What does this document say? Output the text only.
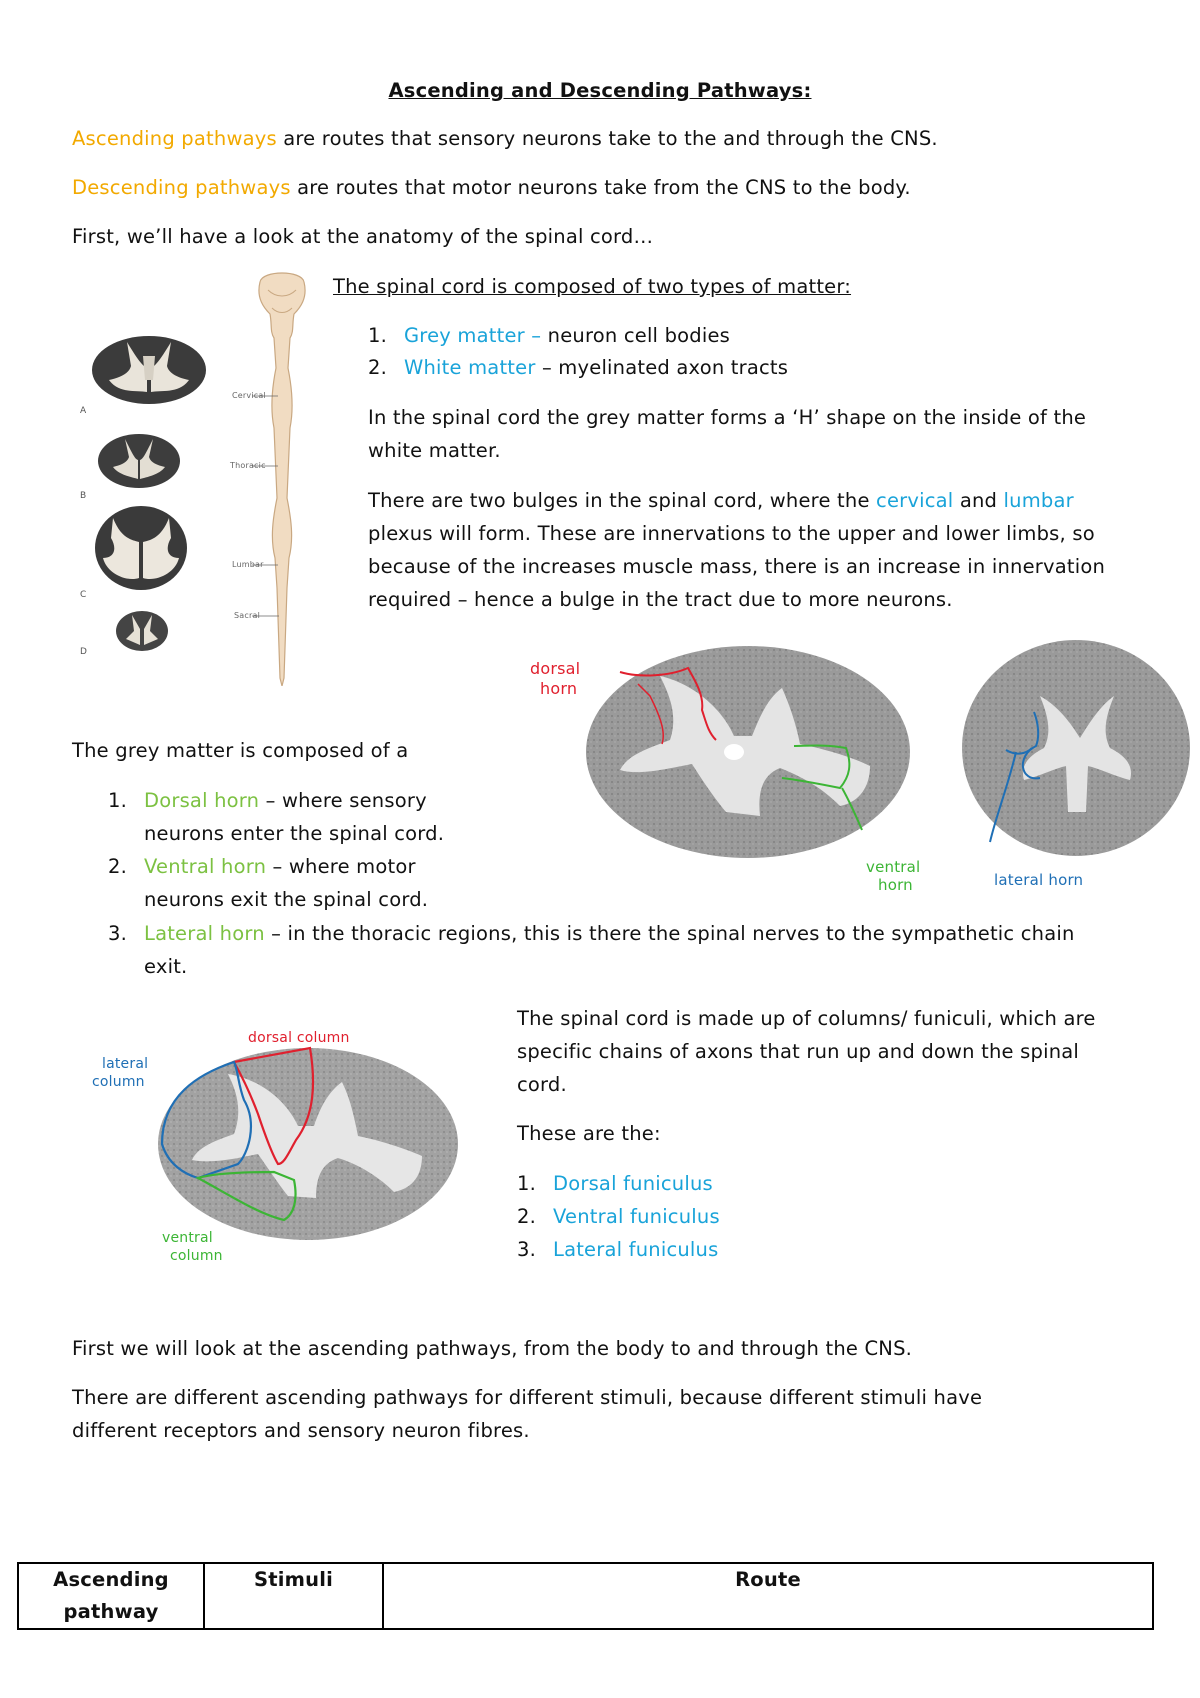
Ascending and Descending Pathways:
Ascending pathways are routes that sensory neurons take to the and through the CNS.
Descending pathways are routes that motor neurons take from the CNS to the body.
First, we’ll have a look at the anatomy of the spinal cord…
A
B
C
D
Cervical
Thoracic
Lumbar
Sacral
The spinal cord is composed of two types of matter:
1. Grey matter – neuron cell bodies
2. White matter – myelinated axon tracts
In the spinal cord the grey matter forms a ‘H’ shape on the inside of the
white matter.
There are two bulges in the spinal cord, where the cervical and lumbar
plexus will form. These are innervations to the upper and lower limbs, so
because of the increases muscle mass, there is an increase in innervation
required – hence a bulge in the tract due to more neurons.
dorsal
horn
ventral
horn	lateral horn
The grey matter is composed of a
1. Dorsal horn – where sensory
neurons enter the spinal cord.
2. Ventral horn – where motor
neurons exit the spinal cord.
3. Lateral horn – in the thoracic regions, this is there the spinal nerves to the sympathetic chain
exit.
dorsal column
lateral
column
ventral
column
The spinal cord is made up of columns/ funiculi, which are
specific chains of axons that run up and down the spinal
cord.
These are the:
1. Dorsal funiculus
2. Ventral funiculus
3. Lateral funiculus
First we will look at the ascending pathways, from the body to and through the CNS.
There are different ascending pathways for different stimuli, because different stimuli have
different receptors and sensory neuron fibres.
Ascending pathway	Stimuli	Route
